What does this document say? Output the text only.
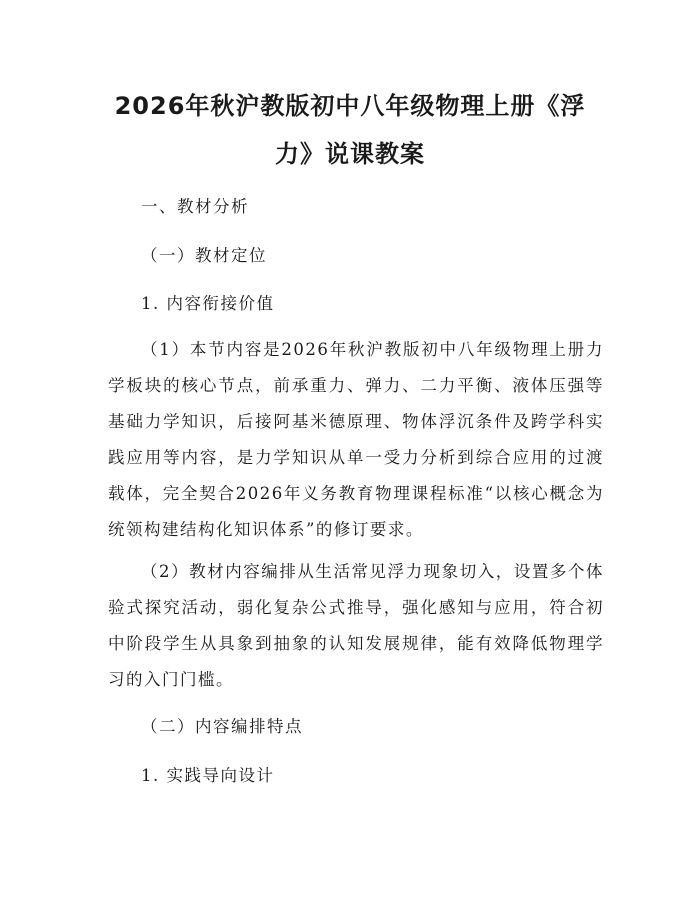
2026年秋沪教版初中八年级物理上册《浮
力》说课教案
一、教材分析
（一）教材定位
1. 内容衔接价值

（1）本节内容是2026年秋沪教版初中八年级物理上册力学板块的核心节点，前承重力、弹力、二力平衡、液体压强等基础力学知识，后接阿基米德原理、物体浮沉条件及跨学科实践应用等内容，是力学知识从单一受力分析到综合应用的过渡载体，完全契合2026年义务教育物理课程标准“以核心概念为统领构建结构化知识体系”的修订要求。

（2）教材内容编排从生活常见浮力现象切入，设置多个体验式探究活动，弱化复杂公式推导，强化感知与应用，符合初中阶段学生从具象到抽象的认知发展规律，能有效降低物理学习的入门门槛。

（二）内容编排特点
1. 实践导向设计
